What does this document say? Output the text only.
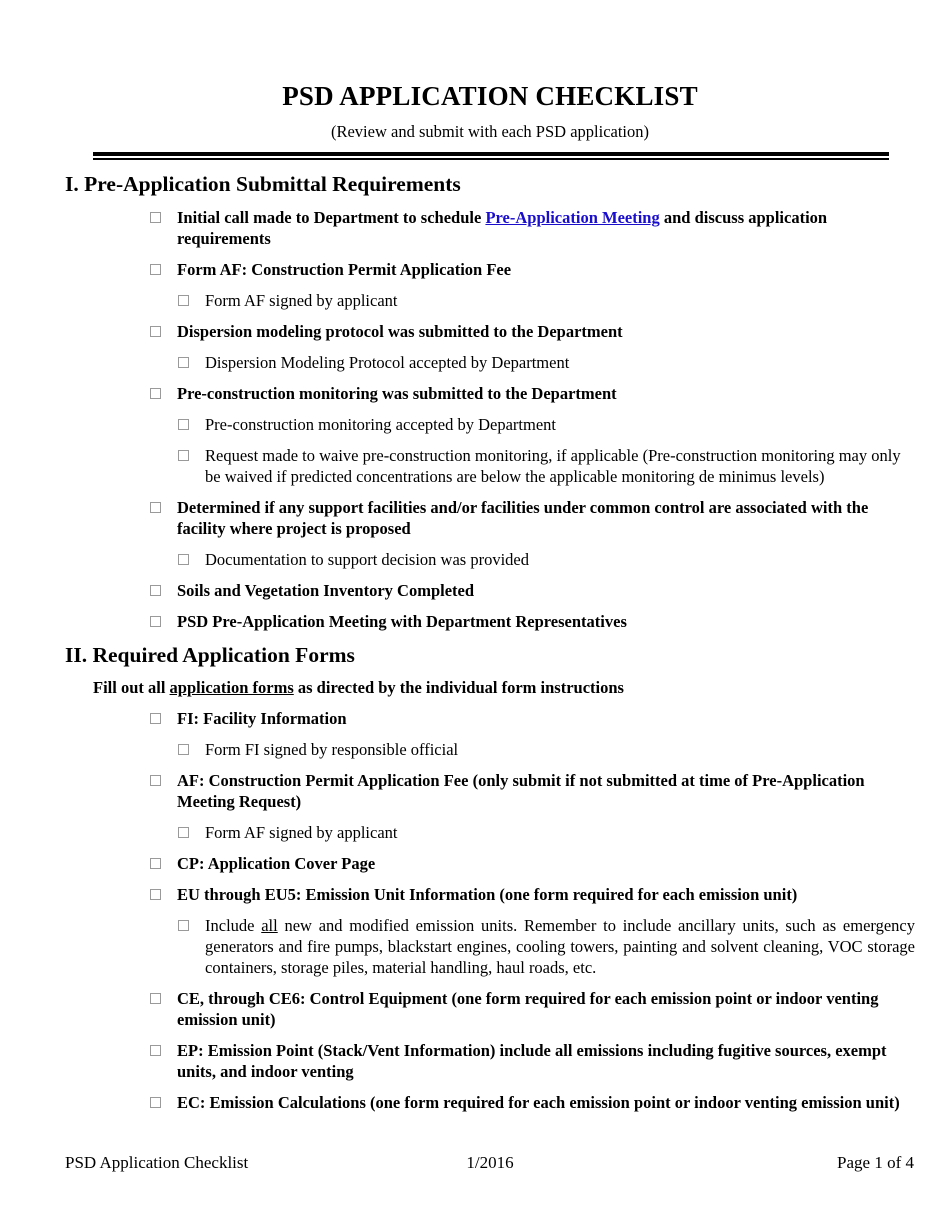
PSD APPLICATION CHECKLIST
(Review and submit with each PSD application)
I. Pre-Application Submittal Requirements
Initial call made to Department to schedule Pre-Application Meeting and discuss application requirements
Form AF: Construction Permit Application Fee
Form AF signed by applicant
Dispersion modeling protocol was submitted to the Department
Dispersion Modeling Protocol accepted by Department
Pre-construction monitoring was submitted to the Department
Pre-construction monitoring accepted by Department
Request made to waive pre-construction monitoring, if applicable (Pre-construction monitoring may only be waived if predicted concentrations are below the applicable monitoring de minimus levels)
Determined if any support facilities and/or facilities under common control are associated with the facility where project is proposed
Documentation to support decision was provided
Soils and Vegetation Inventory Completed
PSD Pre-Application Meeting with Department Representatives
II. Required Application Forms
Fill out all application forms as directed by the individual form instructions
FI: Facility Information
Form FI signed by responsible official
AF: Construction Permit Application Fee (only submit if not submitted at time of Pre-Application Meeting Request)
Form AF signed by applicant
CP: Application Cover Page
EU through EU5: Emission Unit Information (one form required for each emission unit)
Include all new and modified emission units. Remember to include ancillary units, such as emergency generators and fire pumps, blackstart engines, cooling towers, painting and solvent cleaning, VOC storage containers, storage piles, material handling, haul roads, etc.
CE, through CE6: Control Equipment (one form required for each emission point or indoor venting emission unit)
EP: Emission Point (Stack/Vent Information) include all emissions including fugitive sources, exempt units, and indoor venting
EC: Emission Calculations (one form required for each emission point or indoor venting emission unit)
PSD Application Checklist	1/2016	Page 1 of 4
